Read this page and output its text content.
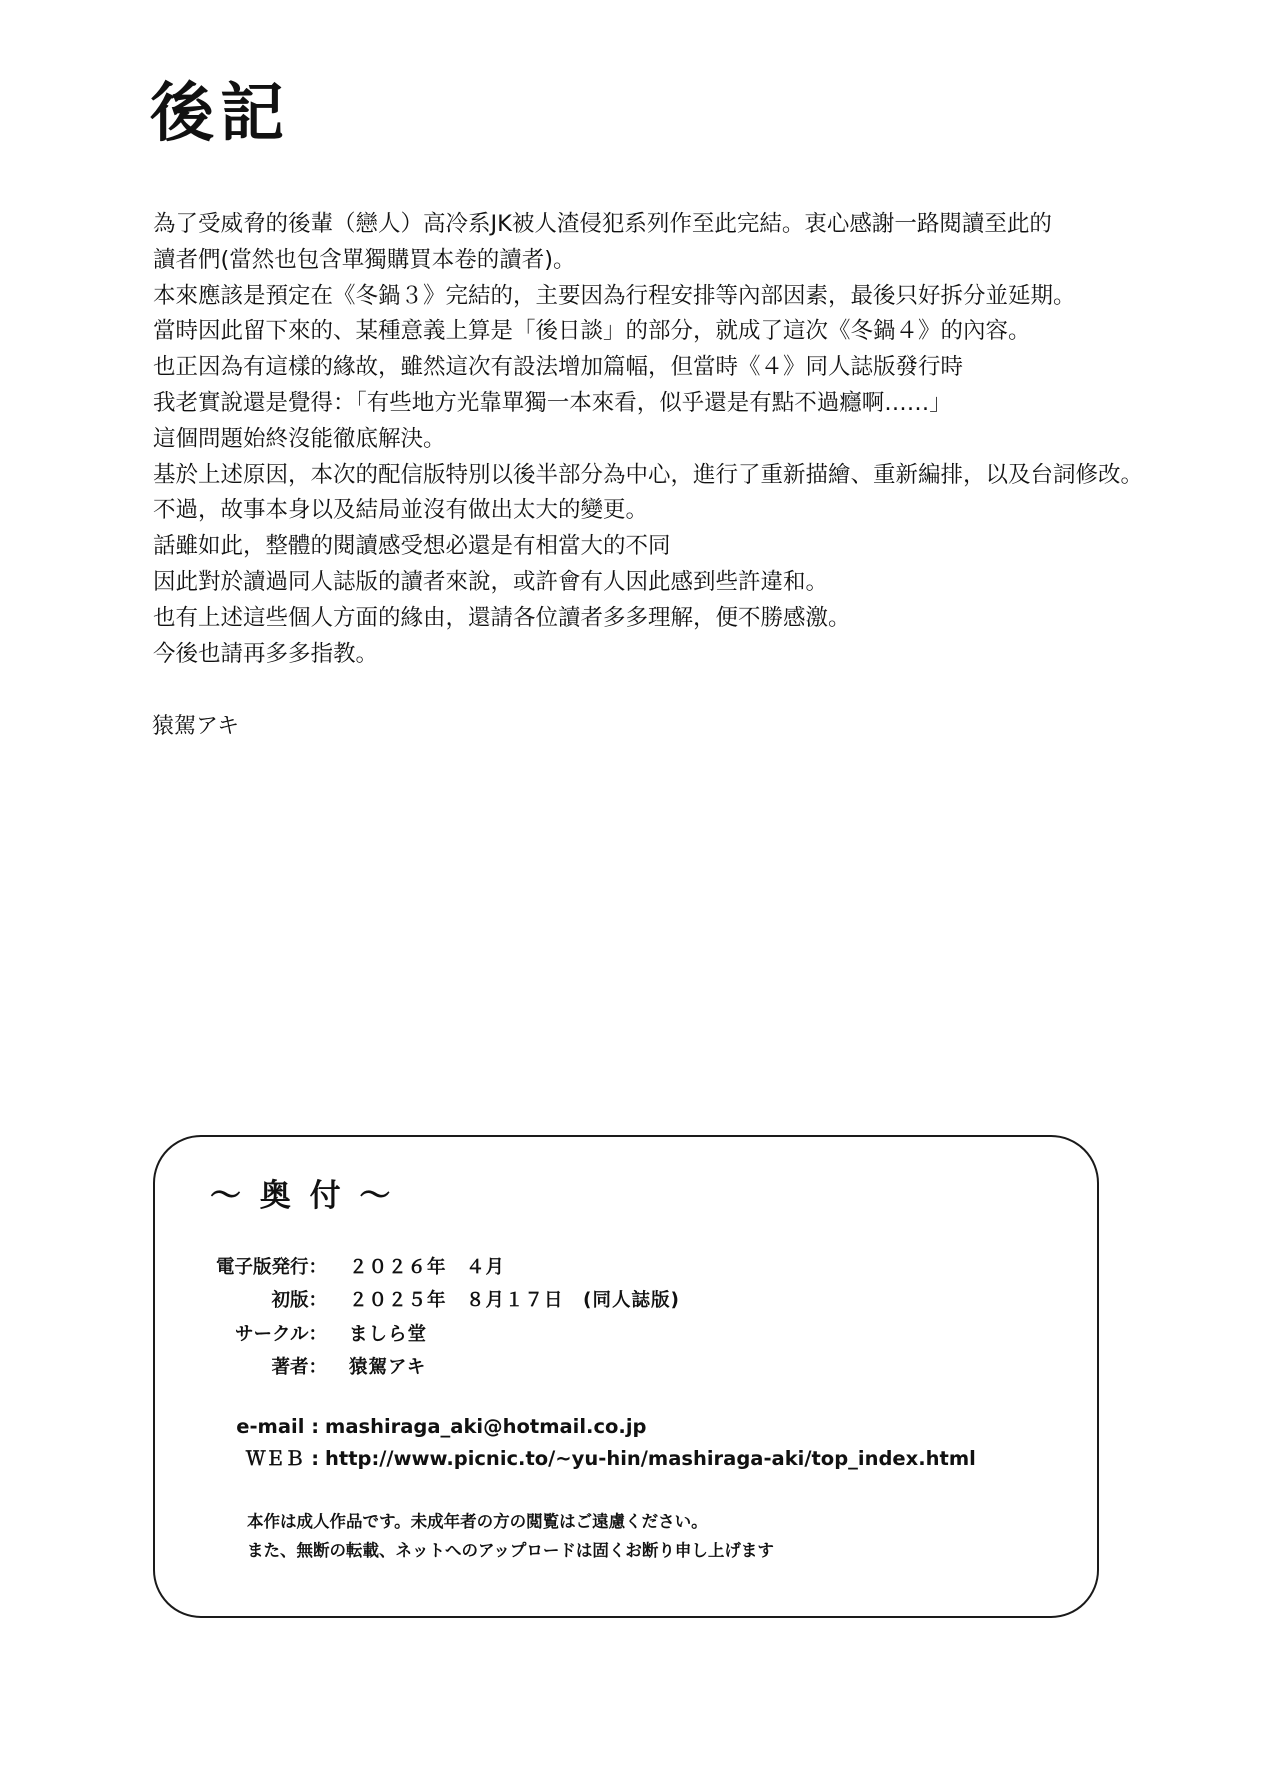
後記
為了受威脅的後輩（戀人）高冷系JK被人渣侵犯系列作至此完結。衷心感謝一路閱讀至此的
讀者們(當然也包含單獨購買本卷的讀者)。
本來應該是預定在《冬鍋３》完結的，主要因為行程安排等內部因素，最後只好拆分並延期。
當時因此留下來的、某種意義上算是「後日談」的部分，就成了這次《冬鍋４》的內容。
也正因為有這樣的緣故，雖然這次有設法增加篇幅，但當時《４》同人誌版發行時
我老實說還是覺得：「有些地方光靠單獨一本來看，似乎還是有點不過癮啊……」
這個問題始終沒能徹底解決。
基於上述原因，本次的配信版特別以後半部分為中心，進行了重新描繪、重新編排，以及台詞修改。
不過，故事本身以及結局並沒有做出太大的變更。
話雖如此，整體的閱讀感受想必還是有相當大的不同
因此對於讀過同人誌版的讀者來說，或許會有人因此感到些許違和。
也有上述這些個人方面的緣由，還請各位讀者多多理解，便不勝感激。
今後也請再多多指教。
猿駕アキ
～ 奥 付 ～
電子版発行： ２０２６年　４月
初版： ２０２５年　８月１７日　(同人誌版)
サークル： ましら堂
著者： 猿駕アキ
e-mail : mashiraga_aki@hotmail.co.jp
ＷＥＢ : http://www.picnic.to/~yu-hin/mashiraga-aki/top_index.html
本作は成人作品です。未成年者の方の閲覧はご遠慮ください。
また、無断の転載、ネットへのアップロードは固くお断り申し上げます
